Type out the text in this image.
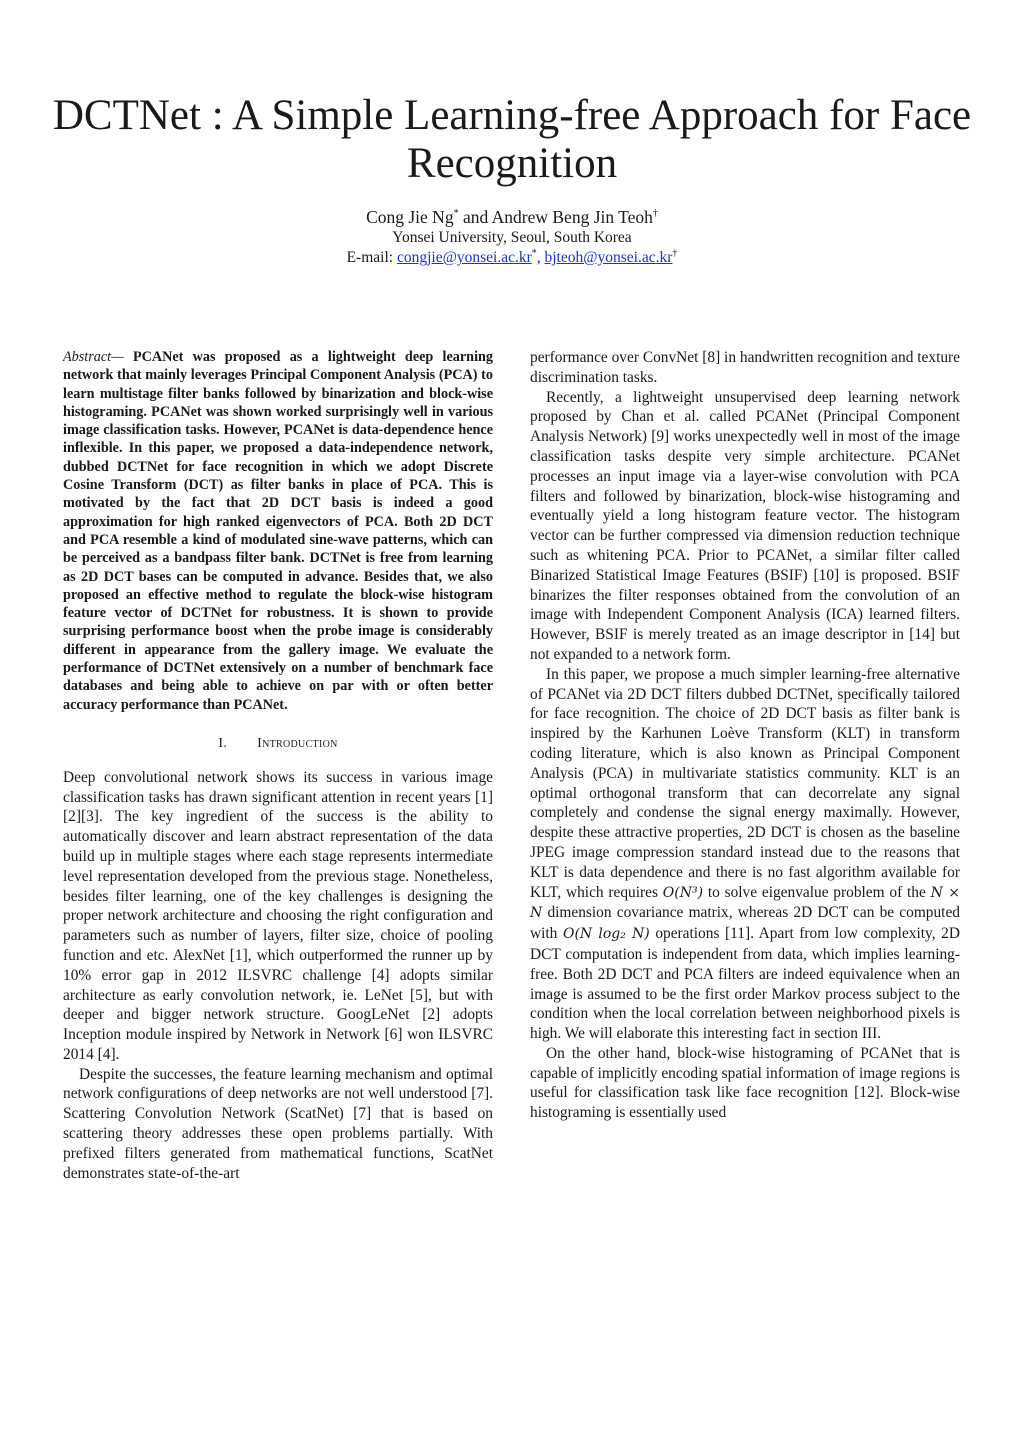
DCTNet : A Simple Learning-free Approach for Face Recognition
Cong Jie Ng* and Andrew Beng Jin Teoh†
Yonsei University, Seoul, South Korea
E-mail: congjie@yonsei.ac.kr*, bjteoh@yonsei.ac.kr†

Abstract— PCANet was proposed as a lightweight deep learning network that mainly leverages Principal Component Analysis (PCA) to learn multistage filter banks followed by binarization and block-wise histograming. PCANet was shown worked surprisingly well in various image classification tasks. However, PCANet is data-dependence hence inflexible. In this paper, we proposed a data-independence network, dubbed DCTNet for face recognition in which we adopt Discrete Cosine Transform (DCT) as filter banks in place of PCA. This is motivated by the fact that 2D DCT basis is indeed a good approximation for high ranked eigenvectors of PCA. Both 2D DCT and PCA resemble a kind of modulated sine-wave patterns, which can be perceived as a bandpass filter bank. DCTNet is free from learning as 2D DCT bases can be computed in advance. Besides that, we also proposed an effective method to regulate the block-wise histogram feature vector of DCTNet for robustness. It is shown to provide surprising performance boost when the probe image is considerably different in appearance from the gallery image. We evaluate the performance of DCTNet extensively on a number of benchmark face databases and being able to achieve on par with or often better accuracy performance than PCANet.

I. Introduction

Deep convolutional network shows its success in various image classification tasks has drawn significant attention in recent years [1][2][3]. The key ingredient of the success is the ability to automatically discover and learn abstract representation of the data build up in multiple stages where each stage represents intermediate level representation developed from the previous stage. Nonetheless, besides filter learning, one of the key challenges is designing the proper network architecture and choosing the right configuration and parameters such as number of layers, filter size, choice of pooling function and etc. AlexNet [1], which outperformed the runner up by 10% error gap in 2012 ILSVRC challenge [4] adopts similar architecture as early convolution network, ie. LeNet [5], but with deeper and bigger network structure. GoogLeNet [2] adopts Inception module inspired by Network in Network [6] won ILSVRC 2014 [4].

Despite the successes, the feature learning mechanism and optimal network configurations of deep networks are not well understood [7]. Scattering Convolution Network (ScatNet) [7] that is based on scattering theory addresses these open problems partially. With prefixed filters generated from mathematical functions, ScatNet demonstrates state-of-the-art

performance over ConvNet [8] in handwritten recognition and texture discrimination tasks.

Recently, a lightweight unsupervised deep learning network proposed by Chan et al. called PCANet (Principal Component Analysis Network) [9] works unexpectedly well in most of the image classification tasks despite very simple architecture. PCANet processes an input image via a layer-wise convolution with PCA filters and followed by binarization, block-wise histograming and eventually yield a long histogram feature vector. The histogram vector can be further compressed via dimension reduction technique such as whitening PCA. Prior to PCANet, a similar filter called Binarized Statistical Image Features (BSIF) [10] is proposed. BSIF binarizes the filter responses obtained from the convolution of an image with Independent Component Analysis (ICA) learned filters. However, BSIF is merely treated as an image descriptor in [14] but not expanded to a network form.

In this paper, we propose a much simpler learning-free alternative of PCANet via 2D DCT filters dubbed DCTNet, specifically tailored for face recognition. The choice of 2D DCT basis as filter bank is inspired by the Karhunen Loève Transform (KLT) in transform coding literature, which is also known as Principal Component Analysis (PCA) in multivariate statistics community. KLT is an optimal orthogonal transform that can decorrelate any signal completely and condense the signal energy maximally. However, despite these attractive properties, 2D DCT is chosen as the baseline JPEG image compression standard instead due to the reasons that KLT is data dependence and there is no fast algorithm available for KLT, which requires O(N³) to solve eigenvalue problem of the N × N dimension covariance matrix, whereas 2D DCT can be computed with O(N log₂ N) operations [11]. Apart from low complexity, 2D DCT computation is independent from data, which implies learning-free. Both 2D DCT and PCA filters are indeed equivalence when an image is assumed to be the first order Markov process subject to the condition when the local correlation between neighborhood pixels is high. We will elaborate this interesting fact in section III.

On the other hand, block-wise histograming of PCANet that is capable of implicitly encoding spatial information of image regions is useful for classification task like face recognition [12]. Block-wise histograming is essentially used
